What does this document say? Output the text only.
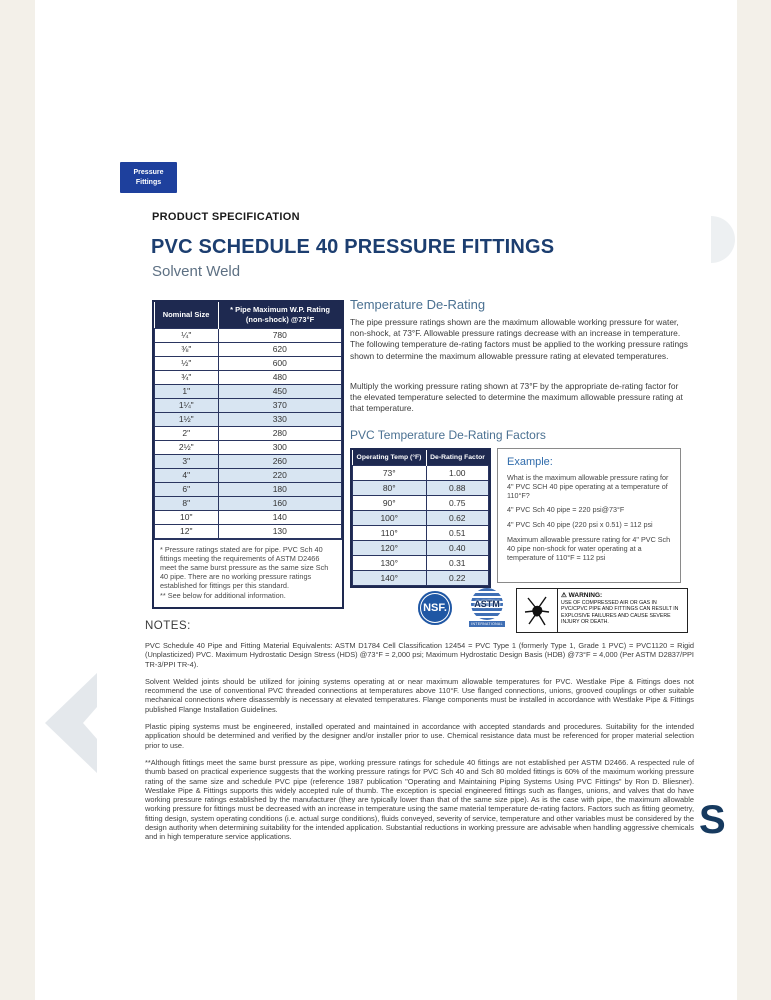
Pressure
Fittings
PRODUCT SPECIFICATION
PVC SCHEDULE 40 PRESSURE FITTINGS
Solvent Weld
Nominal Size	* Pipe Maximum W.P. Rating
(non-shock) @73°F
¼"	780
⅜"	620
½"	600
¾"	480
1"	450
1¼"	370
1½"	330
2"	280
2½"	300
3"	260
4"	220
6"	180
8"	160
10"	140
12"	130
* Pressure ratings stated are for pipe. PVC Sch 40 fittings meeting the requirements of ASTM D2466 meet the same burst pressure as the same size Sch 40 pipe. There are no working pressure ratings established for fittings per this standard.
** See below for additional information.
Temperature De-Rating
The pipe pressure ratings shown are the maximum allowable working pressure for water, non-shock, at 73°F. Allowable pressure ratings decrease with an increase in temperature. The following temperature de-rating factors must be applied to the working pressure ratings shown to determine the maximum allowable pressure rating at elevated temperatures.
Multiply the working pressure rating shown at 73°F by the appropriate de-rating factor for the elevated temperature selected to determine the maximum allowable pressure rating at that temperature.
PVC Temperature De-Rating Factors
Operating Temp (°F)	De-Rating Factor
73°	1.00
80°	0.88
90°	0.75
100°	0.62
110°	0.51
120°	0.40
130°	0.31
140°	0.22

Example:

What is the maximum allowable pressure rating for 4" PVC SCH 40 pipe operating at a temperature of 110°F?

4" PVC Sch 40 pipe = 220 psi@73°F

4" PVC Sch 40 pipe (220 psi x 0.51) = 112 psi

Maximum allowable pressure rating for 4" PVC Sch 40 pipe non-shock for water operating at a temperature of 110°F = 112 psi

NSF.	ASTM
INTERNATIONAL

⚠ WARNING:

USE OF COMPRESSED AIR OR GAS IN PVC/CPVC PIPE AND FITTINGS CAN RESULT IN EXPLOSIVE FAILURES AND CAUSE SEVERE INJURY OR DEATH.

NOTES:

PVC Schedule 40 Pipe and Fitting Material Equivalents: ASTM D1784 Cell Classification 12454 = PVC Type 1 (formerly Type 1, Grade 1 PVC) = PVC1120 = Rigid (Unplasticized) PVC. Maximum Hydrostatic Design Stress (HDS) @73°F = 2,000 psi; Maximum Hydrostatic Design Basis (HDB) @73°F = 4,000 (Per ASTM D2837/PPI TR-3/PPI TR-4).

Solvent Welded joints should be utilized for joining systems operating at or near maximum allowable temperatures for PVC. Westlake Pipe & Fittings does not recommend the use of conventional PVC threaded connections at temperatures above 110°F. Use flanged connections, unions, grooved couplings or other suitable mechanical connections where disassembly is necessary at elevated temperatures. Flange components must be installed in accordance with Westlake Pipe & Fittings published Flange Installation Guidelines.

Plastic piping systems must be engineered, installed operated and maintained in accordance with accepted standards and procedures. Suitability for the intended application should be determined and verified by the designer and/or installer prior to use. Chemical resistance data must be referenced for proper material selection prior to use.

**Although fittings meet the same burst pressure as pipe, working pressure ratings for schedule 40 fittings are not established per ASTM D2466. A respected rule of thumb based on practical experience suggests that the working pressure ratings for PVC Sch 40 and Sch 80 molded fittings is 60% of the maximum working pressure rating of the same size and schedule PVC pipe (reference 1987 publication "Operating and Maintaining Piping Systems Using PVC Fittings" by Ron D. Bliesner). Westlake Pipe & Fittings supports this widely accepted rule of thumb. The exception is special engineered fittings such as flanges, unions, and valves that do have working pressure ratings established by the manufacturer (they are typically lower than that of the same size pipe). As is the case with pipe, the maximum allowable working pressure for fittings must be decreased with an increase in temperature using the same material temperature de-rating factors. Factors such as fitting geometry, fitting design, system operating conditions (i.e. actual surge conditions), fluids conveyed, severity of service, temperature and other variables must be considered by the design authority when determining suitability for the intended application. Substantial reductions in working pressure are advisable when handling aggressive chemicals and in high temperature service applications.	S
